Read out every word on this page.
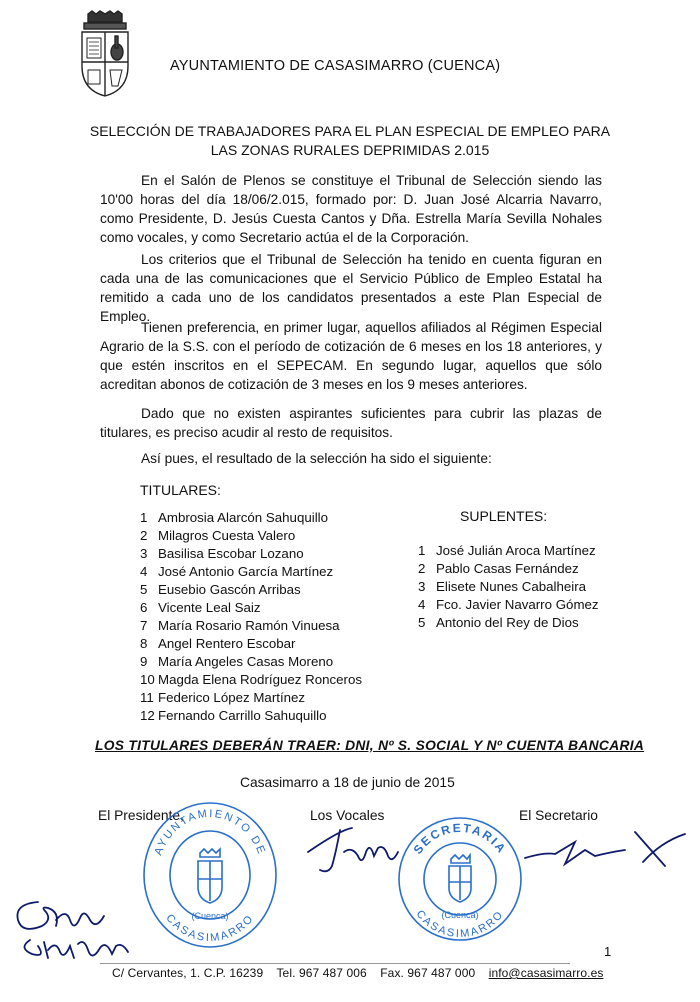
AYUNTAMIENTO DE CASASIMARRO (CUENCA)
SELECCIÓN DE TRABAJADORES PARA EL PLAN ESPECIAL DE EMPLEO PARA
LAS ZONAS RURALES DEPRIMIDAS 2.015

En el Salón de Plenos se constituye el Tribunal de Selección siendo las 10'00 horas del día 18/06/2.015, formado por: D. Juan José Alcarria Navarro, como Presidente, D. Jesús Cuesta Cantos y Dña. Estrella María Sevilla Nohales como vocales, y como Secretario actúa el de la Corporación.

Los criterios que el Tribunal de Selección ha tenido en cuenta figuran en cada una de las comunicaciones que el Servicio Público de Empleo Estatal ha remitido a cada uno de los candidatos presentados a este Plan Especial de Empleo.

Tienen preferencia, en primer lugar, aquellos afiliados al Régimen Especial Agrario de la S.S. con el período de cotización de 6 meses en los 18 anteriores, y que estén inscritos en el SEPECAM. En segundo lugar, aquellos que sólo acreditan abonos de cotización de 3 meses en los 9 meses anteriores.

Dado que no existen aspirantes suficientes para cubrir las plazas de titulares, es preciso acudir al resto de requisitos.

Así pues, el resultado de la selección ha sido el siguiente:

TITULARES:
1 Ambrosia Alarcón Sahuquillo
2 Milagros Cuesta Valero
3 Basilisa Escobar Lozano
4 José Antonio García Martínez
5 Eusebio Gascón Arribas
6 Vicente Leal Saiz
7 María Rosario Ramón Vinuesa
8 Angel Rentero Escobar
9 María Angeles Casas Moreno
10 Magda Elena Rodríguez Ronceros
11 Federico López Martínez
12 Fernando Carrillo Sahuquillo
SUPLENTES:
1 José Julián Aroca Martínez
2 Pablo Casas Fernández
3 Elisete Nunes Cabalheira
4 Fco. Javier Navarro Gómez
5 Antonio del Rey de Dios
LOS TITULARES DEBERÁN TRAER: DNI, Nº S. SOCIAL Y Nº CUENTA BANCARIA
Casasimarro a 18 de junio de 2015
El Presidente,	Los Vocales	El Secretario
AYUNTAMIENTO DE
CASASIMARRO
(Cuenca)
SECRETARIA
CASASIMARRO
(Cuenca)
1
C/ Cervantes, 1. C.P. 16239 Tel. 967 487 006 Fax. 967 487 000 info@casasimarro.es
